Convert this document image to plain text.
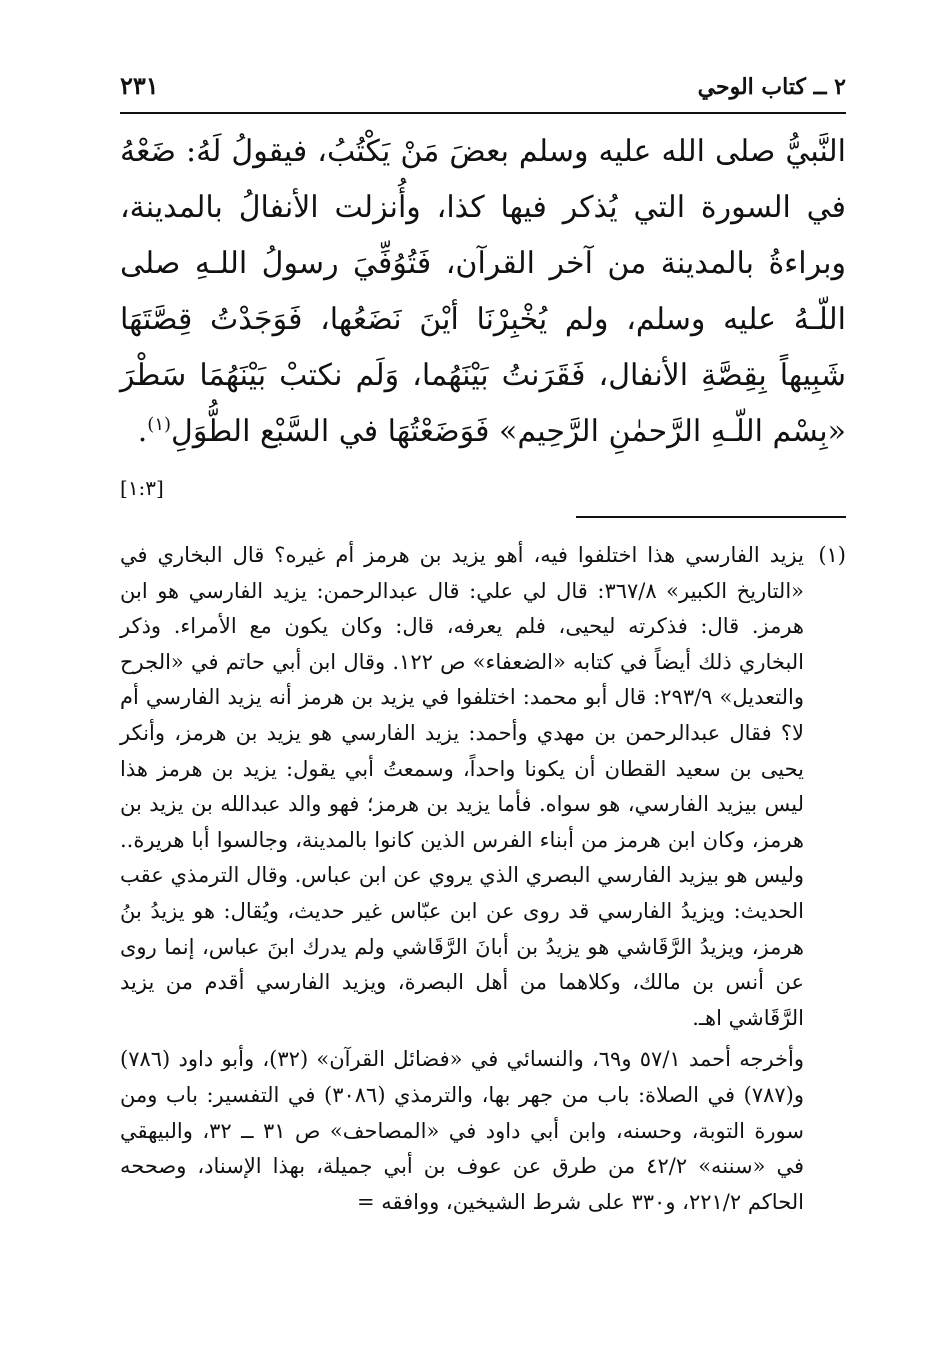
٢ ــ كتاب الوحي
٢٣١
النَّبيُّ صلى الله عليه وسلم بعضَ مَنْ يَكْتُبُ، فيقولُ لَهُ: ضَعْهُ في السورة التي يُذكر فيها كذا، وأُنزلت الأنفالُ بالمدينة، وبراءةُ بالمدينة من آخر القرآن، فَتُوُفِّيَ رسولُ اللـهِ صلى اللّـهُ عليه وسلم، ولم يُخْبِرْنَا أيْنَ نَضَعُها، فَوَجَدْتُ قِصَّتَهَا شَبِيهاً بِقِصَّةِ الأنفال، فَقَرَنتُ بَيْنَهُما، وَلَم نكتبْ بَيْنَهُمَا سَطْرَ «بِسْم اللّـهِ الرَّحمٰنِ الرَّحِيم» فَوَضَعْتُهَا في السَّبْع الطُّوَلِ$^{(١)}$.
[١:٣]
(١)
يزيد الفارسي هذا اختلفوا فيه، أهو يزيد بن هرمز أم غيره؟ قال البخاري في «التاريخ الكبير» ٣٦٧/٨: قال لي علي: قال عبدالرحمن: يزيد الفارسي هو ابن هرمز. قال: فذكرته ليحيى، فلم يعرفه، قال: وكان يكون مع الأمراء. وذكر البخاري ذلك أيضاً في كتابه «الضعفاء» ص ١٢٢. وقال ابن أبي حاتم في «الجرح والتعديل» ٢٩٣/٩: قال أبو محمد: اختلفوا في يزيد بن هرمز أنه يزيد الفارسي أم لا؟ فقال عبدالرحمن بن مهدي وأحمد: يزيد الفارسي هو يزيد بن هرمز، وأنكر يحيى بن سعيد القطان أن يكونا واحداً، وسمعتُ أبي يقول: يزيد بن هرمز هذا ليس بيزيد الفارسي، هو سواه. فأما يزيد بن هرمز؛ فهو والد عبدالله بن يزيد بن هرمز، وكان ابن هرمز من أبناء الفرس الذين كانوا بالمدينة، وجالسوا أبا هريرة.. وليس هو بيزيد الفارسي البصري الذي يروي عن ابن عباس. وقال الترمذي عقب الحديث: ويزيدُ الفارسي قد روى عن ابن عبّاس غير حديث، ويُقال: هو يزيدُ بنُ هرمز، ويزيدُ الرَّقَاشي هو يزيدُ بن أبانَ الرَّقَاشي ولم يدرك ابنَ عباس، إنما روى عن أنس بن مالك، وكلاهما من أهل البصرة، ويزيد الفارسي أقدم من يزيد الرَّقَاشي اهـ.
وأخرجه أحمد ٥٧/١ و٦٩، والنسائي في «فضائل القرآن» (٣٢)، وأبو داود (٧٨٦) و(٧٨٧) في الصلاة: باب من جهر بها، والترمذي (٣٠٨٦) في التفسير: باب ومن سورة التوبة، وحسنه، وابن أبي داود في «المصاحف» ص ٣١ ــ ٣٢، والبيهقي في «سننه» ٤٢/٢ من طرق عن عوف بن أبي جميلة، بهذا الإسناد، وصححه الحاكم ٢٢١/٢، و٣٣٠ على شرط الشيخين، ووافقه =
